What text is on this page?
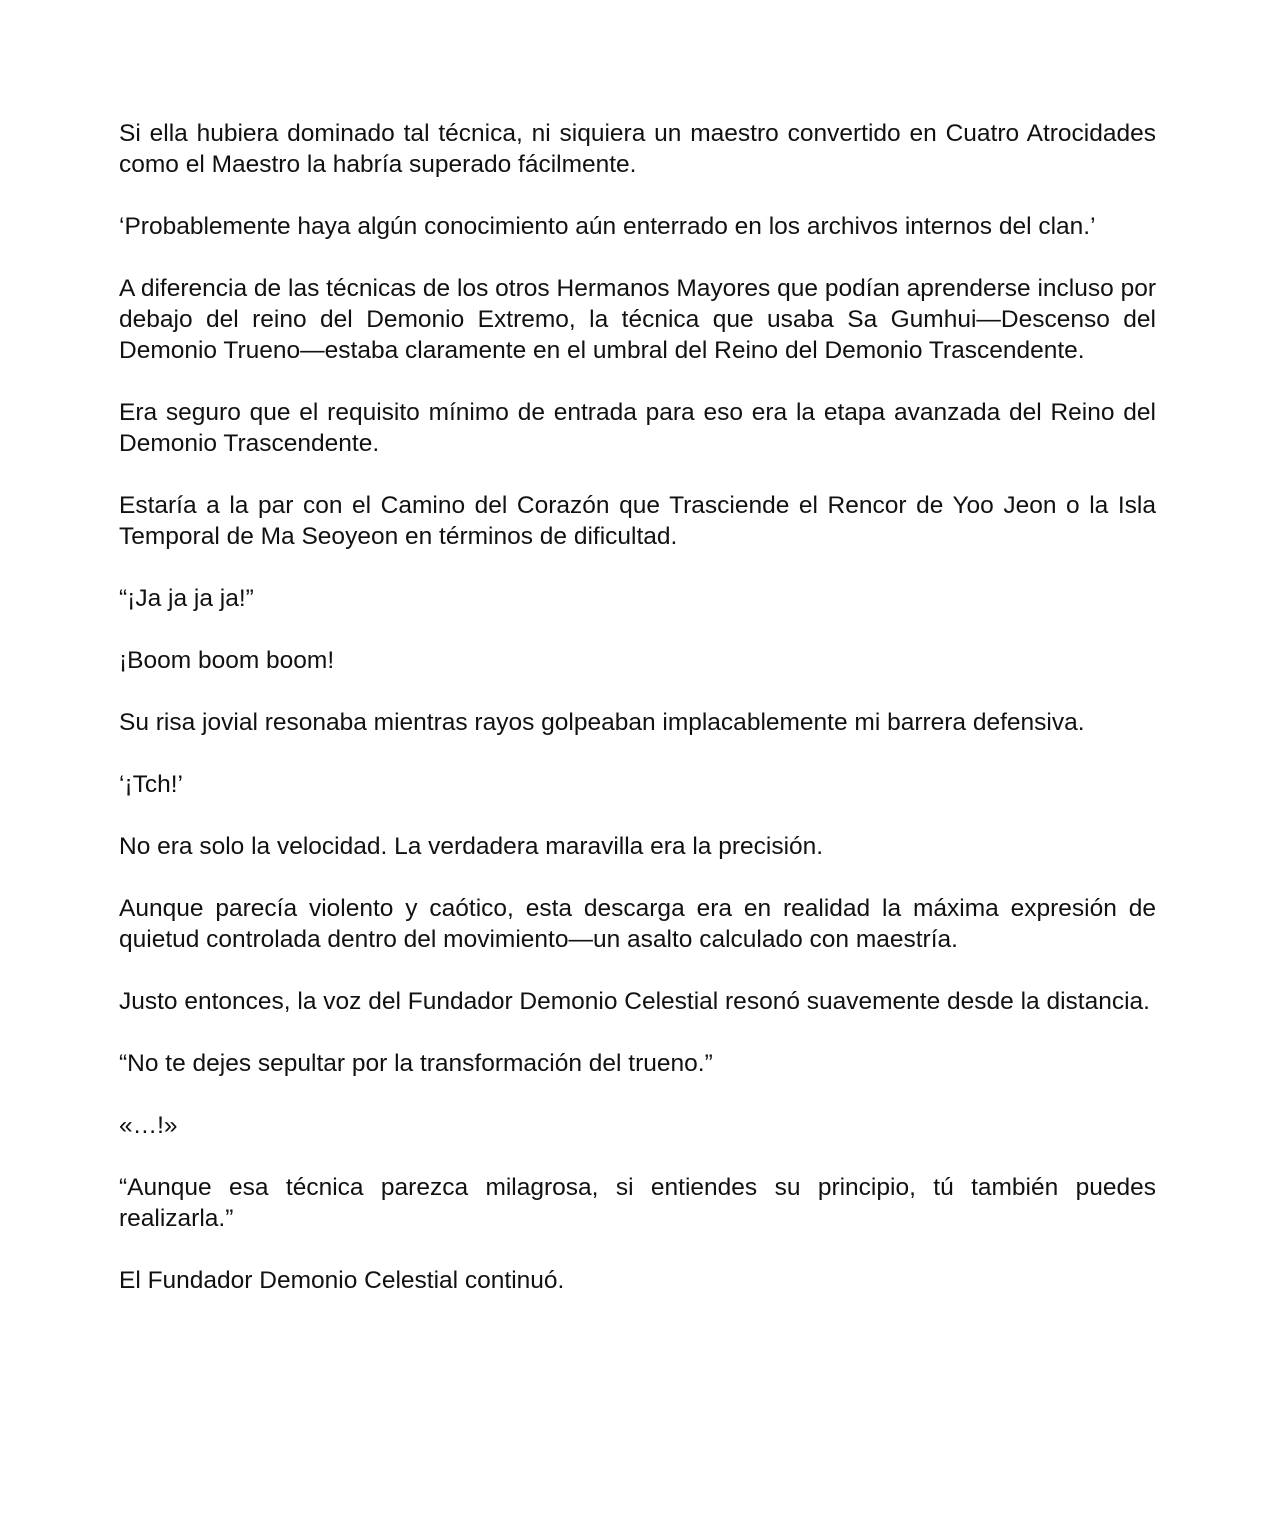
Si ella hubiera dominado tal técnica, ni siquiera un maestro convertido en Cuatro Atrocidades como el Maestro la habría superado fácilmente.

‘Probablemente haya algún conocimiento aún enterrado en los archivos internos del clan.’

A diferencia de las técnicas de los otros Hermanos Mayores que podían aprenderse incluso por debajo del reino del Demonio Extremo, la técnica que usaba Sa Gumhui—Descenso del Demonio Trueno—estaba claramente en el umbral del Reino del Demonio Trascendente.

Era seguro que el requisito mínimo de entrada para eso era la etapa avanzada del Reino del Demonio Trascendente.

Estaría a la par con el Camino del Corazón que Trasciende el Rencor de Yoo Jeon o la Isla Temporal de Ma Seoyeon en términos de dificultad.

“¡Ja ja ja ja!”

¡Boom boom boom!

Su risa jovial resonaba mientras rayos golpeaban implacablemente mi barrera defensiva.

‘¡Tch!’

No era solo la velocidad. La verdadera maravilla era la precisión.

Aunque parecía violento y caótico, esta descarga era en realidad la máxima expresión de quietud controlada dentro del movimiento—un asalto calculado con maestría.

Justo entonces, la voz del Fundador Demonio Celestial resonó suavemente desde la distancia.

“No te dejes sepultar por la transformación del trueno.”

«…!»

“Aunque esa técnica parezca milagrosa, si entiendes su principio, tú también puedes realizarla.”

El Fundador Demonio Celestial continuó.
